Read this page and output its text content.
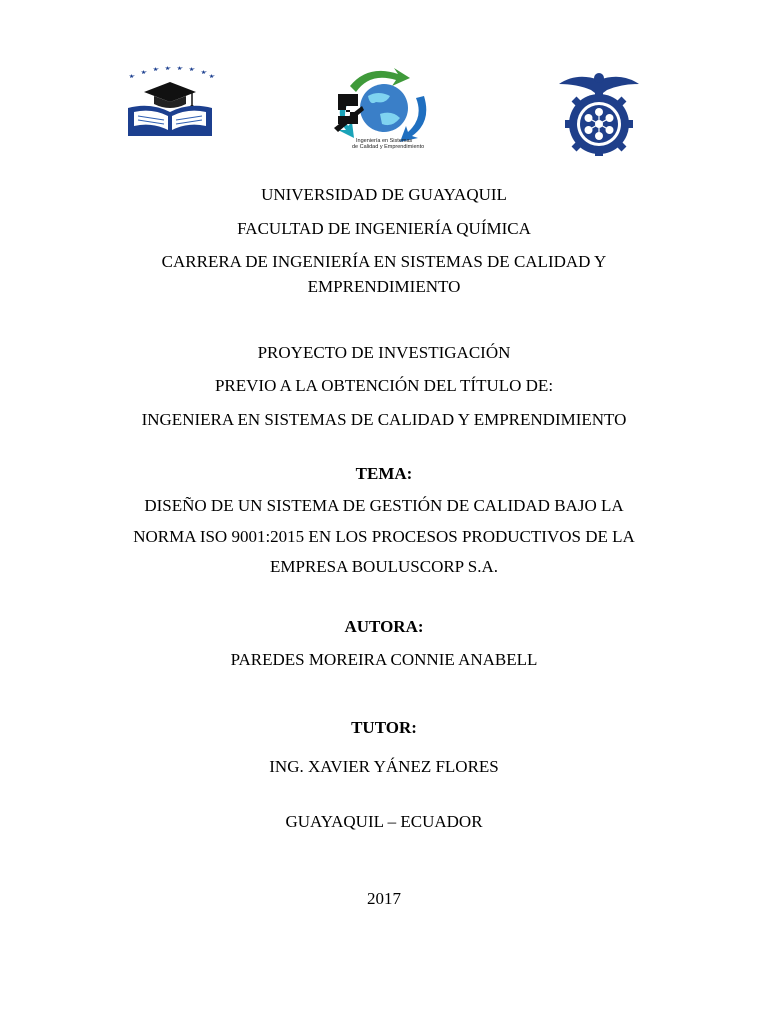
Ingeniería en Sistemas
de Calidad y Emprendimiento
UNIVERSIDAD DE GUAYAQUIL
FACULTAD DE INGENIERÍA QUÍMICA
CARRERA DE INGENIERÍA EN SISTEMAS DE CALIDAD Y
EMPRENDIMIENTO
PROYECTO DE INVESTIGACIÓN
PREVIO A LA OBTENCIÓN DEL TÍTULO DE:
INGENIERA EN SISTEMAS DE CALIDAD Y EMPRENDIMIENTO
TEMA:
DISEÑO DE UN SISTEMA DE GESTIÓN DE CALIDAD BAJO LA
NORMA ISO 9001:2015 EN LOS PROCESOS PRODUCTIVOS DE LA
EMPRESA BOULUSCORP S.A.
AUTORA:
PAREDES MOREIRA CONNIE ANABELL
TUTOR:
ING. XAVIER YÁNEZ FLORES
GUAYAQUIL – ECUADOR
2017
